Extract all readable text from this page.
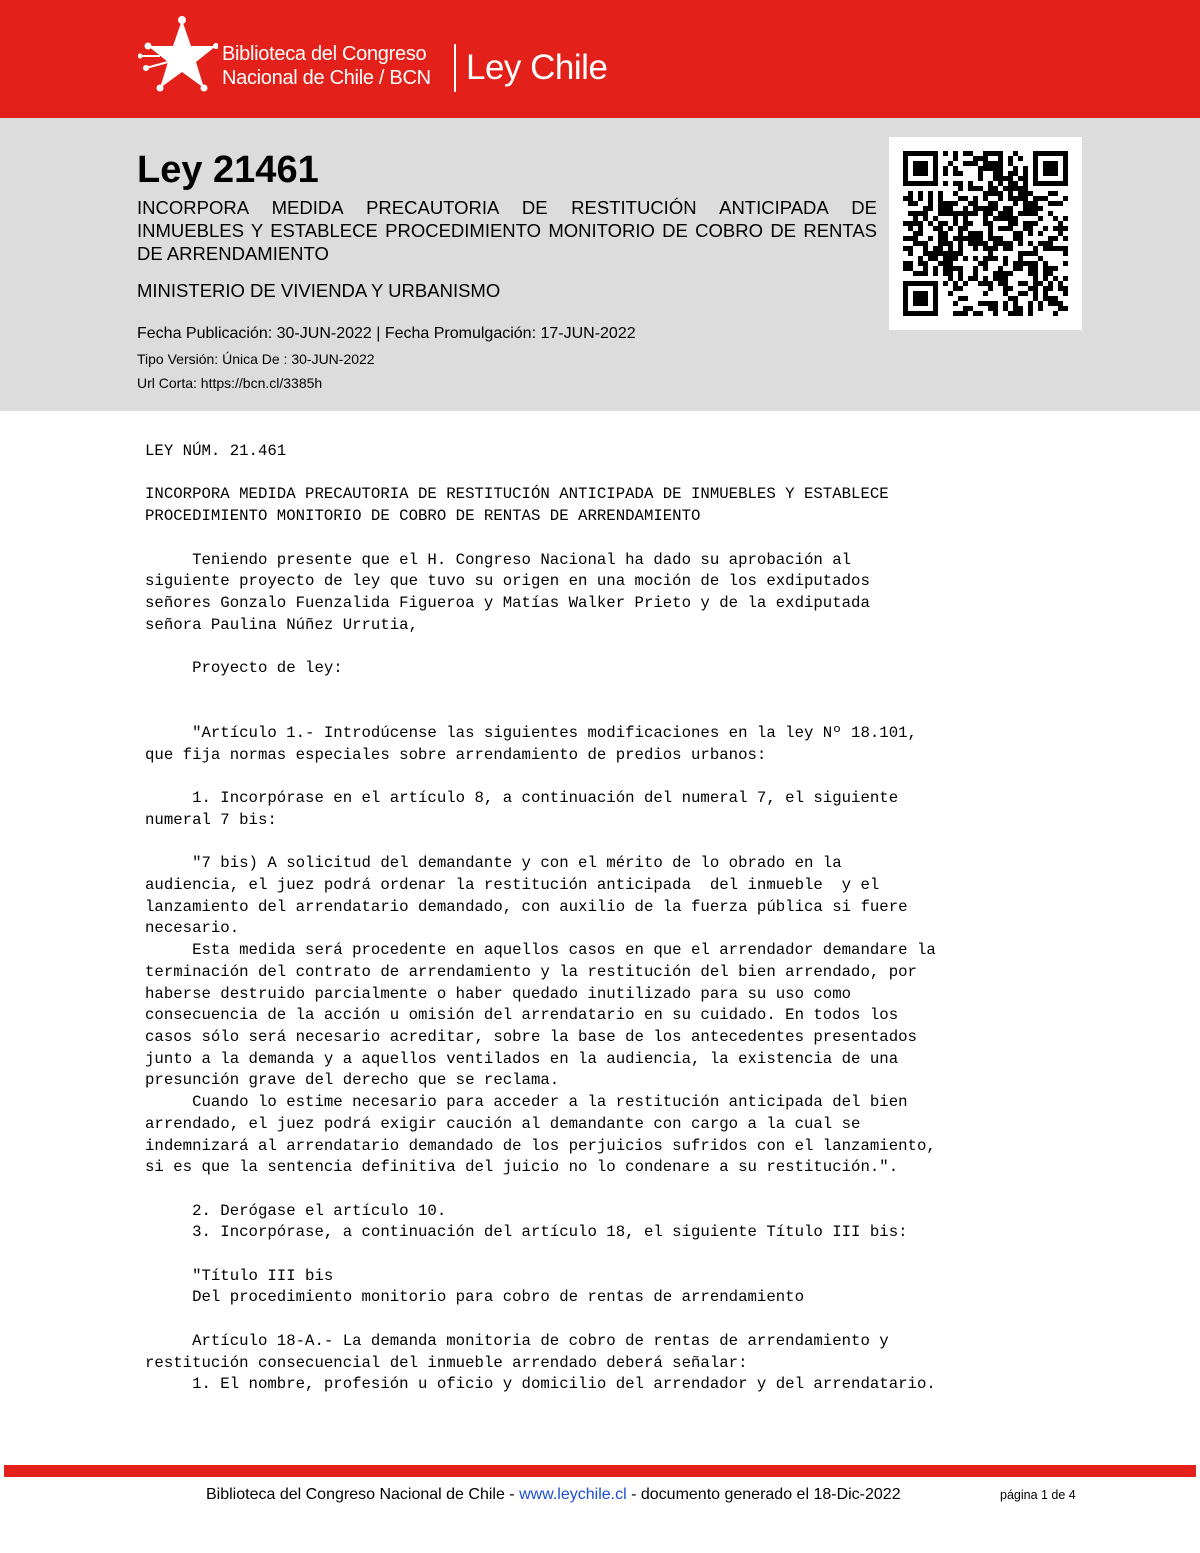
Biblioteca del Congreso
Nacional de Chile / BCN Ley Chile
Ley 21461
INCORPORA MEDIDA PRECAUTORIA DE RESTITUCIÓN ANTICIPADA DE INMUEBLES Y ESTABLECE PROCEDIMIENTO MONITORIO DE COBRO DE RENTAS DE ARRENDAMIENTO
MINISTERIO DE VIVIENDA Y URBANISMO
Fecha Publicación: 30-JUN-2022 | Fecha Promulgación: 17-JUN-2022
Tipo Versión: Única De : 30-JUN-2022
Url Corta: https://bcn.cl/3385h
LEY NÚM. 21.461

INCORPORA MEDIDA PRECAUTORIA DE RESTITUCIÓN ANTICIPADA DE INMUEBLES Y ESTABLECE
PROCEDIMIENTO MONITORIO DE COBRO DE RENTAS DE ARRENDAMIENTO

Teniendo presente que el H. Congreso Nacional ha dado su aprobación al
siguiente proyecto de ley que tuvo su origen en una moción de los exdiputados
señores Gonzalo Fuenzalida Figueroa y Matías Walker Prieto y de la exdiputada
señora Paulina Núñez Urrutia,

Proyecto de ley:

"Artículo 1.- Introdúcense las siguientes modificaciones en la ley Nº 18.101,
que fija normas especiales sobre arrendamiento de predios urbanos:

1. Incorpórase en el artículo 8, a continuación del numeral 7, el siguiente
numeral 7 bis:

"7 bis) A solicitud del demandante y con el mérito de lo obrado en la
audiencia, el juez podrá ordenar la restitución anticipada  del inmueble  y el
lanzamiento del arrendatario demandado, con auxilio de la fuerza pública si fuere
necesario.
Esta medida será procedente en aquellos casos en que el arrendador demandare la
terminación del contrato de arrendamiento y la restitución del bien arrendado, por
haberse destruido parcialmente o haber quedado inutilizado para su uso como
consecuencia de la acción u omisión del arrendatario en su cuidado. En todos los
casos sólo será necesario acreditar, sobre la base de los antecedentes presentados
junto a la demanda y a aquellos ventilados en la audiencia, la existencia de una
presunción grave del derecho que se reclama.
Cuando lo estime necesario para acceder a la restitución anticipada del bien
arrendado, el juez podrá exigir caución al demandante con cargo a la cual se
indemnizará al arrendatario demandado de los perjuicios sufridos con el lanzamiento,
si es que la sentencia definitiva del juicio no lo condenare a su restitución.".

2. Derógase el artículo 10.
3. Incorpórase, a continuación del artículo 18, el siguiente Título III bis:

"Título III bis
Del procedimiento monitorio para cobro de rentas de arrendamiento

Artículo 18-A.- La demanda monitoria de cobro de rentas de arrendamiento y
restitución consecuencial del inmueble arrendado deberá señalar:
1. El nombre, profesión u oficio y domicilio del arrendador y del arrendatario.

Biblioteca del Congreso Nacional de Chile - www.leychile.cl - documento generado el 18-Dic-2022	página 1 de 4
